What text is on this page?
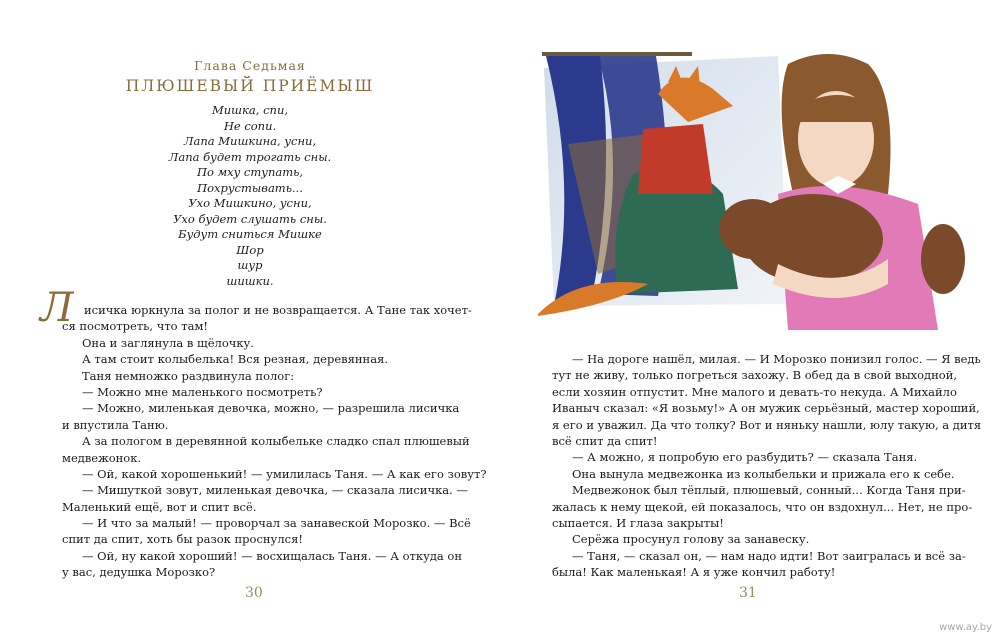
Глава Седьмая
ПЛЮШЕВЫЙ ПРИЁМЫШ
Мишка, спи,
Не сопи.
Лапа Мишкина, усни,
Лапа будет трогать сны.
По мху ступать,
Похрустывать...
Ухо Мишкино, усни,
Ухо будет слушать сны.
Будут сниться Мишке
Шор
шур
шишки.
Л исичка юркнула за полог и не возвращается. А Тане так хочет-
ся посмотреть, что там!
Она и заглянула в щёлочку.
А там стоит колыбелька! Вся резная, деревянная.
Таня немножко раздвинула полог:
— Можно мне маленького посмотреть?
— Можно, миленькая девочка, можно, — разрешила лисичка
и впустила Таню.
А за пологом в деревянной колыбельке сладко спал плюшевый
медвежонок.
— Ой, какой хорошенький! — умилилась Таня. — А как его зовут?
— Мишуткой зовут, миленькая девочка, — сказала лисичка. —
Маленький ещё, вот и спит всё.
— И что за малый! — проворчал за занавеской Морозко. — Всё
спит да спит, хоть бы разок проснулся!
— Ой, ну какой хороший! — восхищалась Таня. — А откуда он
у вас, дедушка Морозко?
30	31
— На дороге нашёл, милая. — И Морозко понизил голос. — Я ведь
тут не живу, только погреться захожу. В обед да в свой выходной,
если хозяин отпустит. Мне малого и девать-то некуда. А Михайло
Иваныч сказал: «Я возьму!» А он мужик серьёзный, мастер хороший,
я его и уважил. Да что толку? Вот и няньку нашли, юлу такую, а дитя
всё спит да спит!
— А можно, я попробую его разбудить? — сказала Таня.
Она вынула медвежонка из колыбельки и прижала его к себе.
Медвежонок был тёплый, плюшевый, сонный... Когда Таня при-
жалась к нему щекой, ей показалось, что он вздохнул... Нет, не про-
сыпается. И глаза закрыты!
Серёжа просунул голову за занавеску.
— Таня, — сказал он, — нам надо идти! Вот заигралась и всё за-
была! Как маленькая! А я уже кончил работу!
www.ay.by
